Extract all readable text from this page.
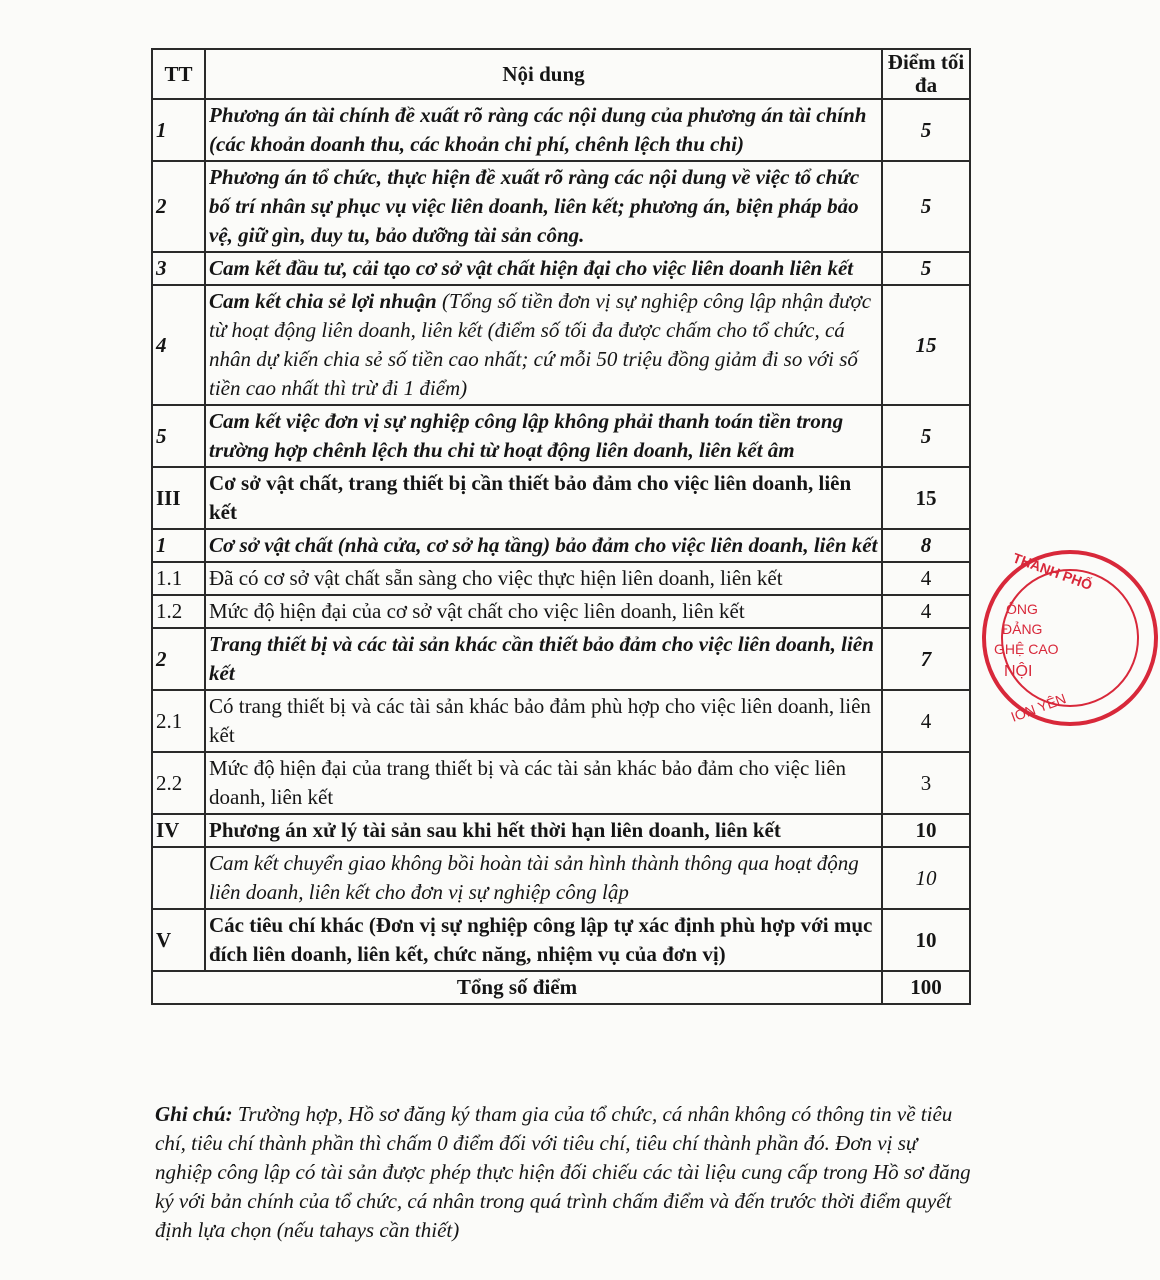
TT	Nội dung	Điểm tối đa
1	Phương án tài chính đề xuất rõ ràng các nội dung của phương án tài chính (các khoản doanh thu, các khoản chi phí, chênh lệch thu chi)	5
2	Phương án tổ chức, thực hiện đề xuất rõ ràng các nội dung về việc tổ chức bố trí nhân sự phục vụ việc liên doanh, liên kết; phương án, biện pháp bảo vệ, giữ gìn, duy tu, bảo dưỡng tài sản công.	5
3	Cam kết đầu tư, cải tạo cơ sở vật chất hiện đại cho việc liên doanh liên kết	5
4	Cam kết chia sẻ lợi nhuận (Tổng số tiền đơn vị sự nghiệp công lập nhận được từ hoạt động liên doanh, liên kết (điểm số tối đa được chấm cho tổ chức, cá nhân dự kiến chia sẻ số tiền cao nhất; cứ mỗi 50 triệu đồng giảm đi so với số tiền cao nhất thì trừ đi 1 điểm)	15
5	Cam kết việc đơn vị sự nghiệp công lập không phải thanh toán tiền trong trường hợp chênh lệch thu chi từ hoạt động liên doanh, liên kết âm	5
III	Cơ sở vật chất, trang thiết bị cần thiết bảo đảm cho việc liên doanh, liên kết	15
1	Cơ sở vật chất (nhà cửa, cơ sở hạ tầng) bảo đảm cho việc liên doanh, liên kết	8
1.1	Đã có cơ sở vật chất sẵn sàng cho việc thực hiện liên doanh, liên kết	4
1.2	Mức độ hiện đại của cơ sở vật chất cho việc liên doanh, liên kết	4
2	Trang thiết bị và các tài sản khác cần thiết bảo đảm cho việc liên doanh, liên kết	7
2.1	Có trang thiết bị và các tài sản khác bảo đảm phù hợp cho việc liên doanh, liên kết	4
2.2	Mức độ hiện đại của trang thiết bị và các tài sản khác bảo đảm cho việc liên doanh, liên kết	3
IV	Phương án xử lý tài sản sau khi hết thời hạn liên doanh, liên kết	10
	Cam kết chuyển giao không bồi hoàn tài sản hình thành thông qua hoạt động liên doanh, liên kết cho đơn vị sự nghiệp công lập	10
V	Các tiêu chí khác (Đơn vị sự nghiệp công lập tự xác định phù hợp với mục đích liên doanh, liên kết, chức năng, nhiệm vụ của đơn vị)	10
Tổng số điểm		100
Ghi chú: Trường hợp, Hồ sơ đăng ký tham gia của tổ chức, cá nhân không có thông tin về tiêu chí, tiêu chí thành phần thì chấm 0 điểm đối với tiêu chí, tiêu chí thành phần đó. Đơn vị sự nghiệp công lập có tài sản được phép thực hiện đối chiếu các tài liệu cung cấp trong Hồ sơ đăng ký với bản chính của tổ chức, cá nhân trong quá trình chấm điểm và đến trước thời điểm quyết định lựa chọn (nếu tahays cần thiết)
THÀNH PHỐ
ÔNG
ĐẢNG
GHỆ CAO
NỘI
ION YÊN
